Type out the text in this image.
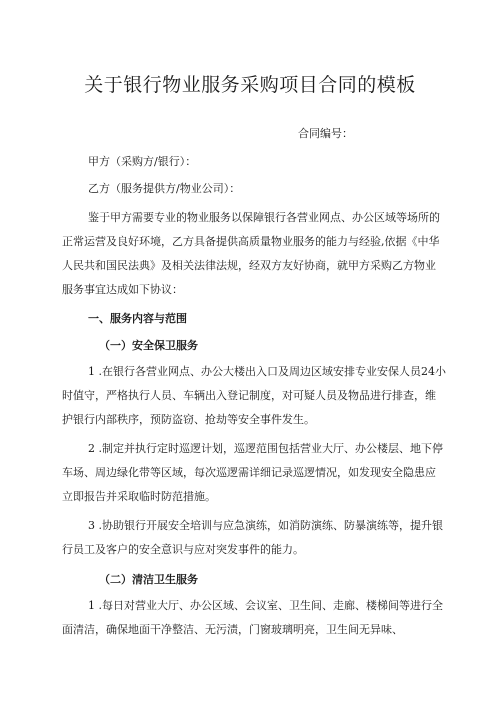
关于银行物业服务采购项目合同的模板
合同编号：
甲方（采购方/银行）：
乙方（服务提供方/物业公司）：
鉴于甲方需要专业的物业服务以保障银行各营业网点、办公区域等场所的
正常运营及良好环境，乙方具备提供高质量物业服务的能力与经验,依据《中华
人民共和国民法典》及相关法律法规，经双方友好协商，就甲方采购乙方物业
服务事宜达成如下协议：
一、服务内容与范围
（一）安全保卫服务
1 .在银行各营业网点、办公大楼出入口及周边区域安排专业安保人员24小
时值守，严格执行人员、车辆出入登记制度，对可疑人员及物品进行排查，维
护银行内部秩序，预防盗窃、抢劫等安全事件发生。
2 .制定并执行定时巡逻计划，巡逻范围包括营业大厅、办公楼层、地下停
车场、周边绿化带等区域，每次巡逻需详细记录巡逻情况，如发现安全隐患应
立即报告并采取临时防范措施。
3 .协助银行开展安全培训与应急演练，如消防演练、防暴演练等，提升银
行员工及客户的安全意识与应对突发事件的能力。
（二）清洁卫生服务
1 .每日对营业大厅、办公区域、会议室、卫生间、走廊、楼梯间等进行全
面清洁，确保地面干净整洁、无污渍，门窗玻璃明亮，卫生间无异味、
